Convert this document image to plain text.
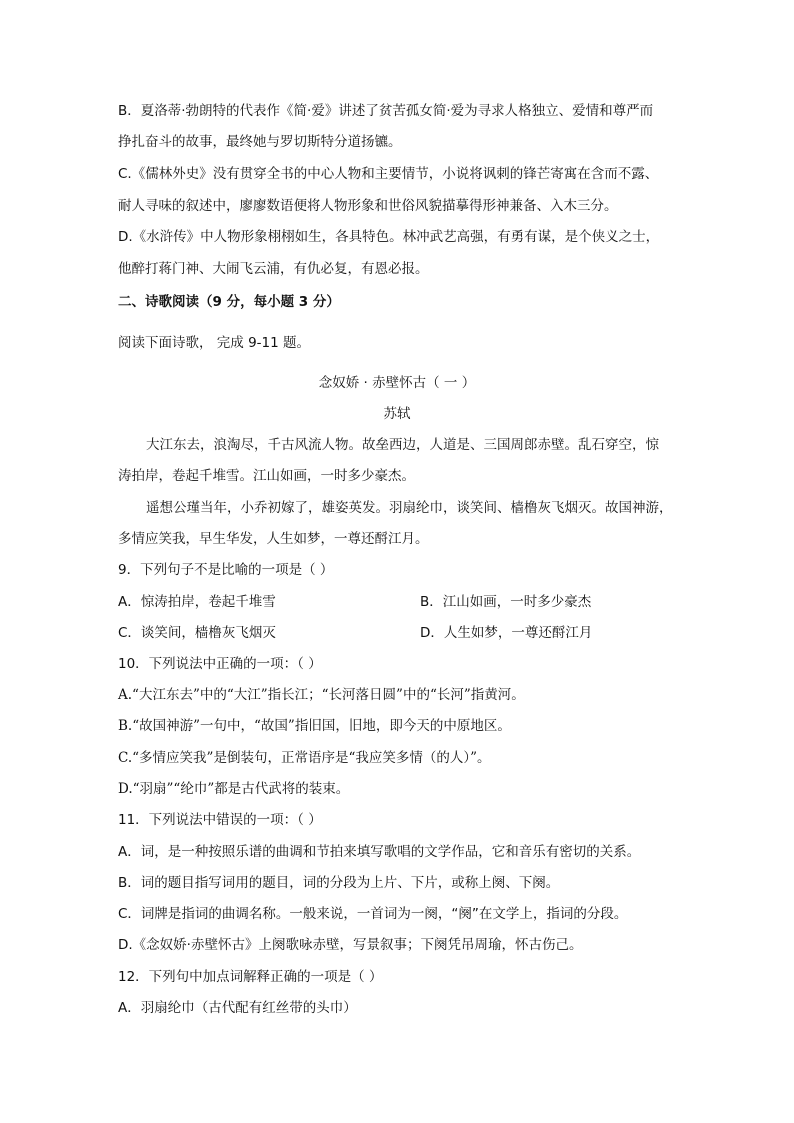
B．夏洛蒂·勃朗特的代表作《简·爱》讲述了贫苦孤女简·爱为寻求人格独立、爱情和尊严而
挣扎奋斗的故事，最终她与罗切斯特分道扬镳。
C.《儒林外史》没有贯穿全书的中心人物和主要情节，小说将讽刺的锋芒寄寓在含而不露、
耐人寻味的叙述中，廖廖数语便将人物形象和世俗风貌描摹得形神兼备、入木三分。
D.《水浒传》中人物形象栩栩如生，各具特色。林冲武艺高强，有勇有谋，是个侠义之士，
他醉打蒋门神、大闹飞云浦，有仇必复，有恩必报。
二、诗歌阅读（9 分，每小题 3 分）
阅读下面诗歌， 完成 9-11 题。
念奴娇 · 赤壁怀古（ 一 ）
苏轼
大江东去，浪淘尽，千古风流人物。故垒西边，人道是、三国周郎赤壁。乱石穿空，惊
涛拍岸，卷起千堆雪。江山如画，一时多少豪杰。
遥想公瑾当年，小乔初嫁了，雄姿英发。羽扇纶巾，谈笑间、樯橹灰飞烟灭。故国神游，
多情应笑我，早生华发，人生如梦，一尊还酹江月。
9．下列句子不是比喻的一项是（ ）
A．惊涛拍岸，卷起千堆雪	B．江山如画，一时多少豪杰
C．谈笑间，樯橹灰飞烟灭	D．人生如梦，一尊还酹江月
10．下列说法中正确的一项：（ ）
A.“大江东去”中的“大江”指长江；“长河落日圆”中的“长河”指黄河。
B.“故国神游”一句中，“故国”指旧国，旧地，即今天的中原地区。
C.“多情应笑我”是倒装句，正常语序是“我应笑多情（的人）”。
D.“羽扇”“纶巾”都是古代武将的装束。
11．下列说法中错误的一项：（ ）
A．词，是一种按照乐谱的曲调和节拍来填写歌唱的文学作品，它和音乐有密切的关系。
B．词的题目指写词用的题目，词的分段为上片、下片，或称上阕、下阕。
C．词牌是指词的曲调名称。一般来说，一首词为一阕，“阕”在文学上，指词的分段。
D.《念奴娇·赤壁怀古》上阕歌咏赤壁，写景叙事；下阕凭吊周瑜，怀古伤己。
12．下列句中加点词解释正确的一项是（ ）
A．羽扇纶巾（古代配有红丝带的头巾）
